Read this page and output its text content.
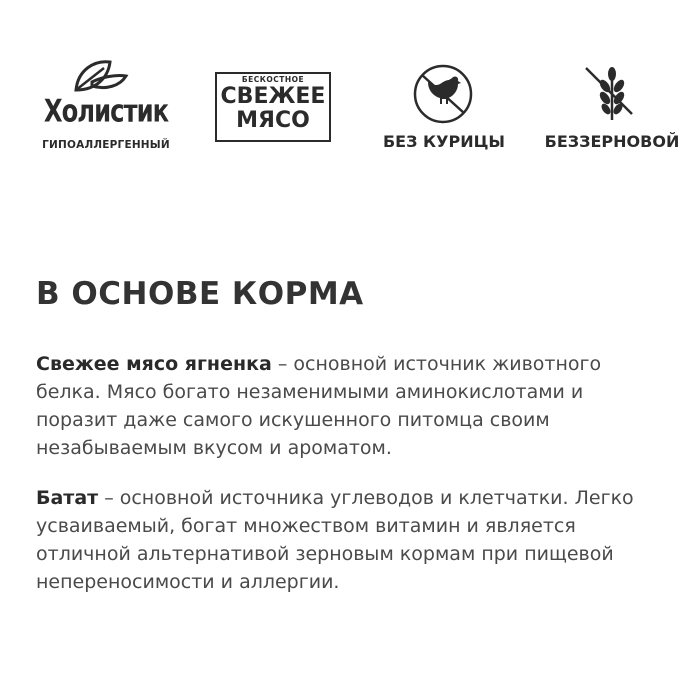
Холистик
ГИПОАЛЛЕРГЕННЫЙ
БЕСКОСТНОЕ
СВЕЖЕЕ
МЯСО
БЕЗ КУРИЦЫ БЕЗЗЕРНОВОЙ
В ОСНОВЕ КОРМА

Свежее мясо ягненка – основной источник животного белка. Мясо богато незаменимыми аминокислотами и поразит даже самого искушенного питомца своим незабываемым вкусом и ароматом.

Батат – основной источника углеводов и клетчатки. Легко усваиваемый, богат множеством витамин и является отличной альтернативой зерновым кормам при пищевой непереносимости и аллергии.
